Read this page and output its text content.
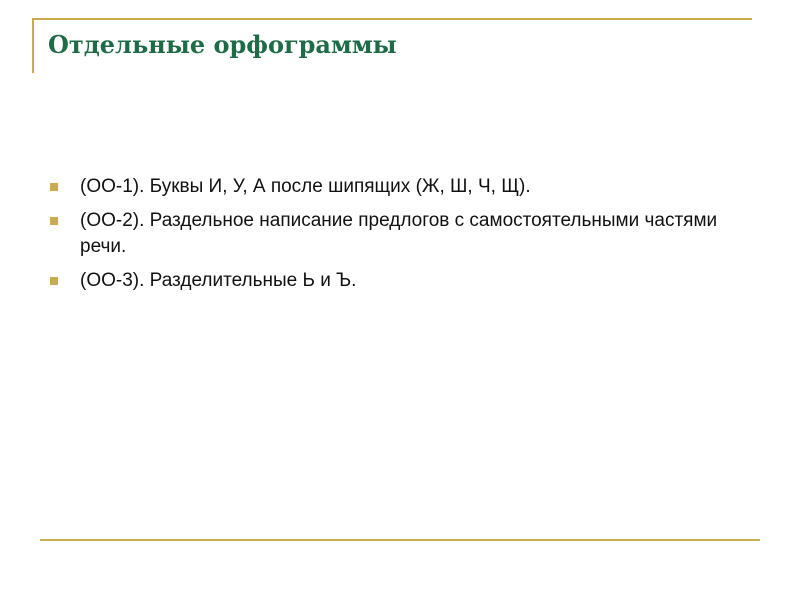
Отдельные орфограммы
(ОО-1). Буквы И, У, А после шипящих (Ж, Ш, Ч, Щ).
(ОО-2). Раздельное написание предлогов с самостоятельными частями речи.
(ОО-3). Разделительные Ь и Ъ.
